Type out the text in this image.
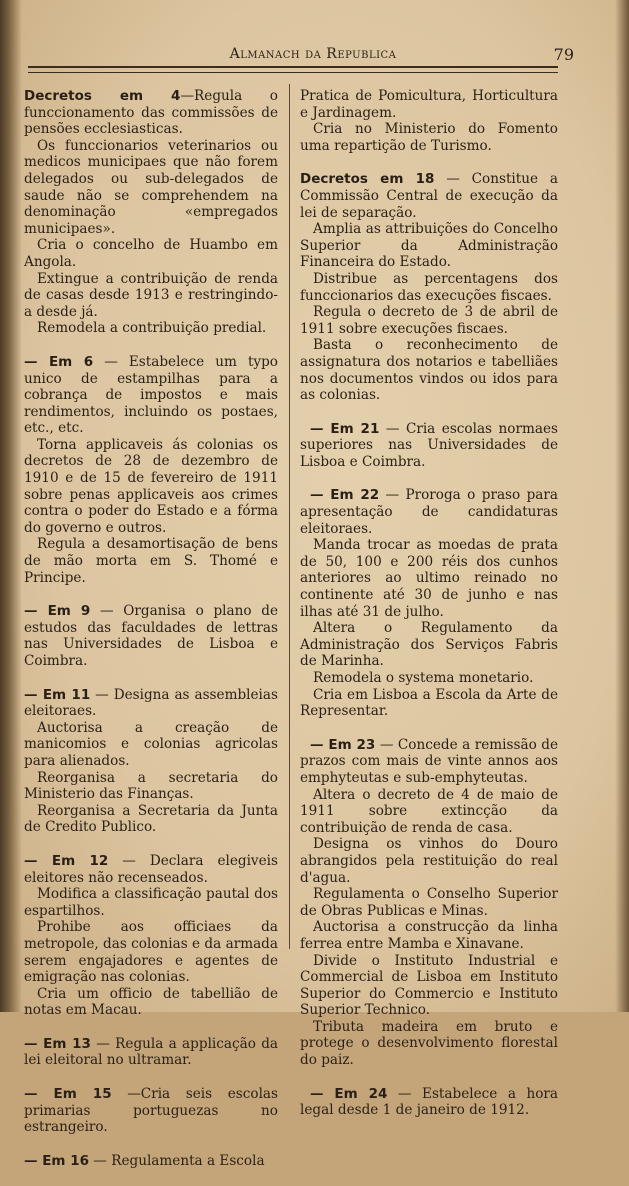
Almanach da Republica	79

Decretos em 4—Regula o funccionamento das commissões de pensões ecclesiasticas.

Os funccionarios veterinarios ou medicos municipaes que não forem delegados ou sub-delegados de saude não se comprehendem na denominação «empregados municipaes».

Cria o concelho de Huambo em Angola.

Extingue a contribuição de renda de casas desde 1913 e restringindo-a desde já.

Remodela a contribuição predial.

— Em 6 — Estabelece um typo unico de estampilhas para a cobrança de impostos e mais rendimentos, incluindo os postaes, etc., etc.

Torna applicaveis ás colonias os decretos de 28 de dezembro de 1910 e de 15 de fevereiro de 1911 sobre penas applicaveis aos crimes contra o poder do Estado e a fórma do governo e outros.

Regula a desamortisação de bens de mão morta em S. Thomé e Principe.

— Em 9 — Organisa o plano de estudos das faculdades de lettras nas Universidades de Lisboa e Coimbra.

— Em 11 — Designa as assembleias eleitoraes.

Auctorisa a creação de manicomios e colonias agricolas para alienados.

Reorganisa a secretaria do Ministerio das Finanças.

Reorganisa a Secretaria da Junta de Credito Publico.

— Em 12 — Declara elegiveis eleitores não recenseados.

Modifica a classificação pautal dos espartilhos.

Prohibe aos officiaes da metropole, das colonias e da armada serem engajadores e agentes de emigração nas colonias.

Cria um officio de tabellião de notas em Macau.

— Em 13 — Regula a applicação da lei eleitoral no ultramar.

— Em 15 —Cria seis escolas primarias portuguezas no estrangeiro.

— Em 16 — Regulamenta a Escola

Pratica de Pomicultura, Horticultura e Jardinagem.

Cria no Ministerio do Fomento uma repartição de Turismo.

Decretos em 18 — Constitue a Commissão Central de execução da lei de separação.

Amplia as attribuições do Concelho Superior da Administração Financeira do Estado.

Distribue as percentagens dos funccionarios das execuções fiscaes.

Regula o decreto de 3 de abril de 1911 sobre execuções fiscaes.

Basta o reconhecimento de assignatura dos notarios e tabelliães nos documentos vindos ou idos para as colonias.

— Em 21 — Cria escolas normaes superiores nas Universidades de Lisboa e Coimbra.

— Em 22 — Proroga o praso para apresentação de candidaturas eleitoraes.

Manda trocar as moedas de prata de 50, 100 e 200 réis dos cunhos anteriores ao ultimo reinado no continente até 30 de junho e nas ilhas até 31 de julho.

Altera o Regulamento da Administração dos Serviços Fabris de Marinha.

Remodela o systema monetario.

Cria em Lisboa a Escola da Arte de Representar.

— Em 23 — Concede a remissão de prazos com mais de vinte annos aos emphyteutas e sub-emphyteutas.

Altera o decreto de 4 de maio de 1911 sobre extincção da contribuição de renda de casa.

Designa os vinhos do Douro abrangidos pela restituição do real d'agua.

Regulamenta o Conselho Superior de Obras Publicas e Minas.

Auctorisa a construcção da linha ferrea entre Mamba e Xinavane.

Divide o Instituto Industrial e Commercial de Lisboa em Instituto Superior do Commercio e Instituto Superior Technico.

Tributa madeira em bruto e protege o desenvolvimento florestal do paiz.

— Em 24 — Estabelece a hora legal desde 1 de janeiro de 1912.
